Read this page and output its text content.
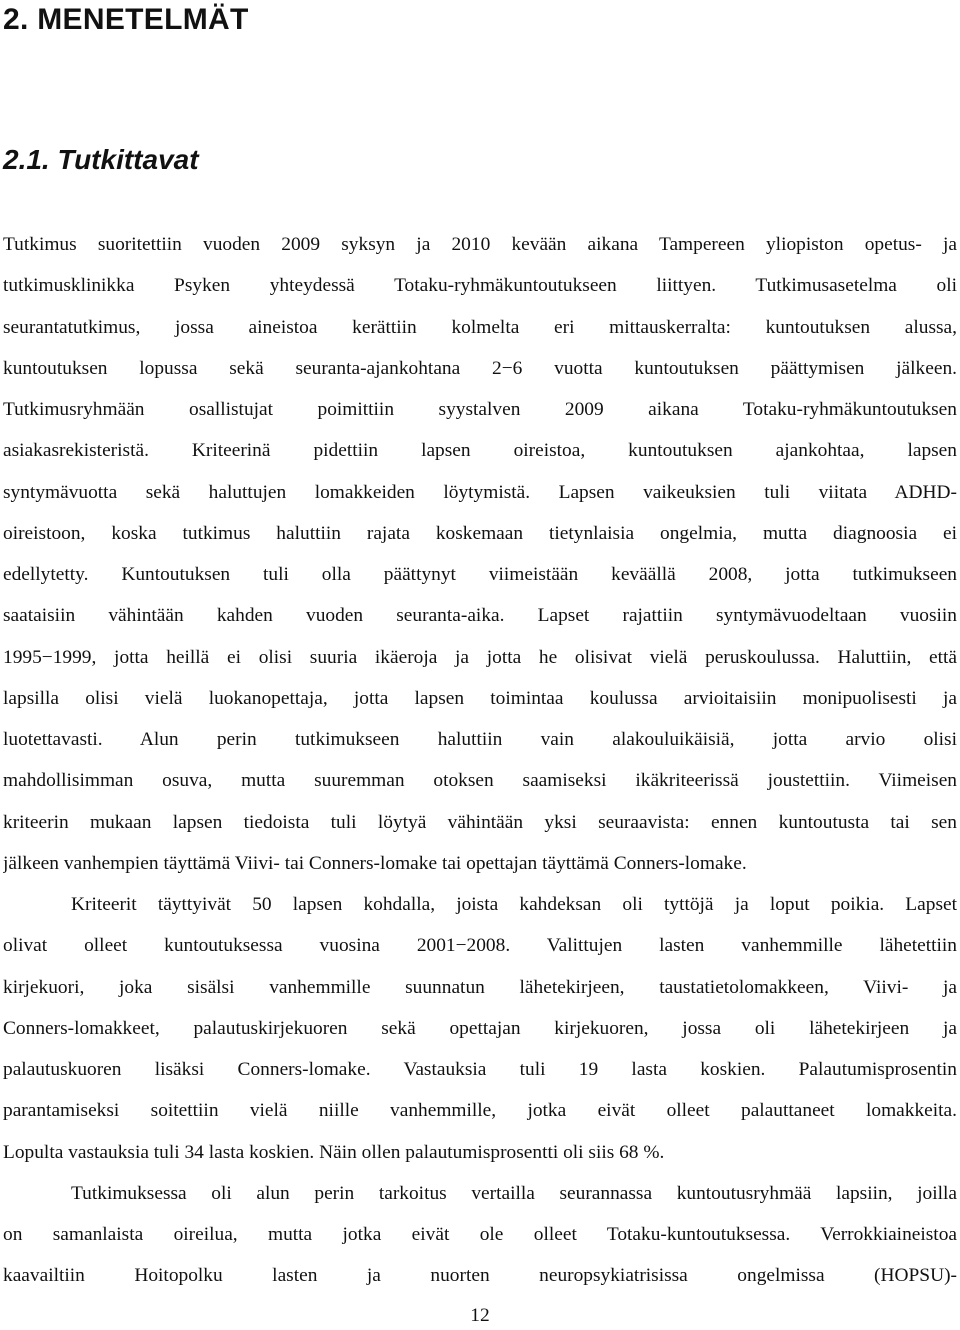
2. MENETELMÄT
2.1. Tutkittavat

Tutkimus suoritettiin vuoden 2009 syksyn ja 2010 kevään aikana Tampereen yliopiston opetus- ja

tutkimusklinikka Psyken yhteydessä Totaku-ryhmäkuntoutukseen liittyen. Tutkimusasetelma oli

seurantatutkimus, jossa aineistoa kerättiin kolmelta eri mittauskerralta: kuntoutuksen alussa,

kuntoutuksen lopussa sekä seuranta-ajankohtana 2−6 vuotta kuntoutuksen päättymisen jälkeen.

Tutkimusryhmään osallistujat poimittiin syystalven 2009 aikana Totaku-ryhmäkuntoutuksen

asiakasrekisteristä. Kriteerinä pidettiin lapsen oireistoa, kuntoutuksen ajankohtaa, lapsen

syntymävuotta sekä haluttujen lomakkeiden löytymistä. Lapsen vaikeuksien tuli viitata ADHD-

oireistoon, koska tutkimus haluttiin rajata koskemaan tietynlaisia ongelmia, mutta diagnoosia ei

edellytetty. Kuntoutuksen tuli olla päättynyt viimeistään keväällä 2008, jotta tutkimukseen

saataisiin vähintään kahden vuoden seuranta-aika. Lapset rajattiin syntymävuodeltaan vuosiin

1995−1999, jotta heillä ei olisi suuria ikäeroja ja jotta he olisivat vielä peruskoulussa. Haluttiin, että

lapsilla olisi vielä luokanopettaja, jotta lapsen toimintaa koulussa arvioitaisiin monipuolisesti ja

luotettavasti. Alun perin tutkimukseen haluttiin vain alakouluikäisiä, jotta arvio olisi

mahdollisimman osuva, mutta suuremman otoksen saamiseksi ikäkriteerissä joustettiin. Viimeisen

kriteerin mukaan lapsen tiedoista tuli löytyä vähintään yksi seuraavista: ennen kuntoutusta tai sen

jälkeen vanhempien täyttämä Viivi- tai Conners-lomake tai opettajan täyttämä Conners-lomake.

Kriteerit täyttyivät 50 lapsen kohdalla, joista kahdeksan oli tyttöjä ja loput poikia. Lapset

olivat olleet kuntoutuksessa vuosina 2001−2008. Valittujen lasten vanhemmille lähetettiin

kirjekuori, joka sisälsi vanhemmille suunnatun lähetekirjeen, taustatietolomakkeen, Viivi- ja

Conners-lomakkeet, palautuskirjekuoren sekä opettajan kirjekuoren, jossa oli lähetekirjeen ja

palautuskuoren lisäksi Conners-lomake. Vastauksia tuli 19 lasta koskien. Palautumisprosentin

parantamiseksi soitettiin vielä niille vanhemmille, jotka eivät olleet palauttaneet lomakkeita.

Lopulta vastauksia tuli 34 lasta koskien. Näin ollen palautumisprosentti oli siis 68 %.

Tutkimuksessa oli alun perin tarkoitus vertailla seurannassa kuntoutusryhmää lapsiin, joilla

on samanlaista oireilua, mutta jotka eivät ole olleet Totaku-kuntoutuksessa. Verrokkiaineistoa

kaavailtiin Hoitopolku lasten ja nuorten neuropsykiatrisissa ongelmissa (HOPSU)-

12
